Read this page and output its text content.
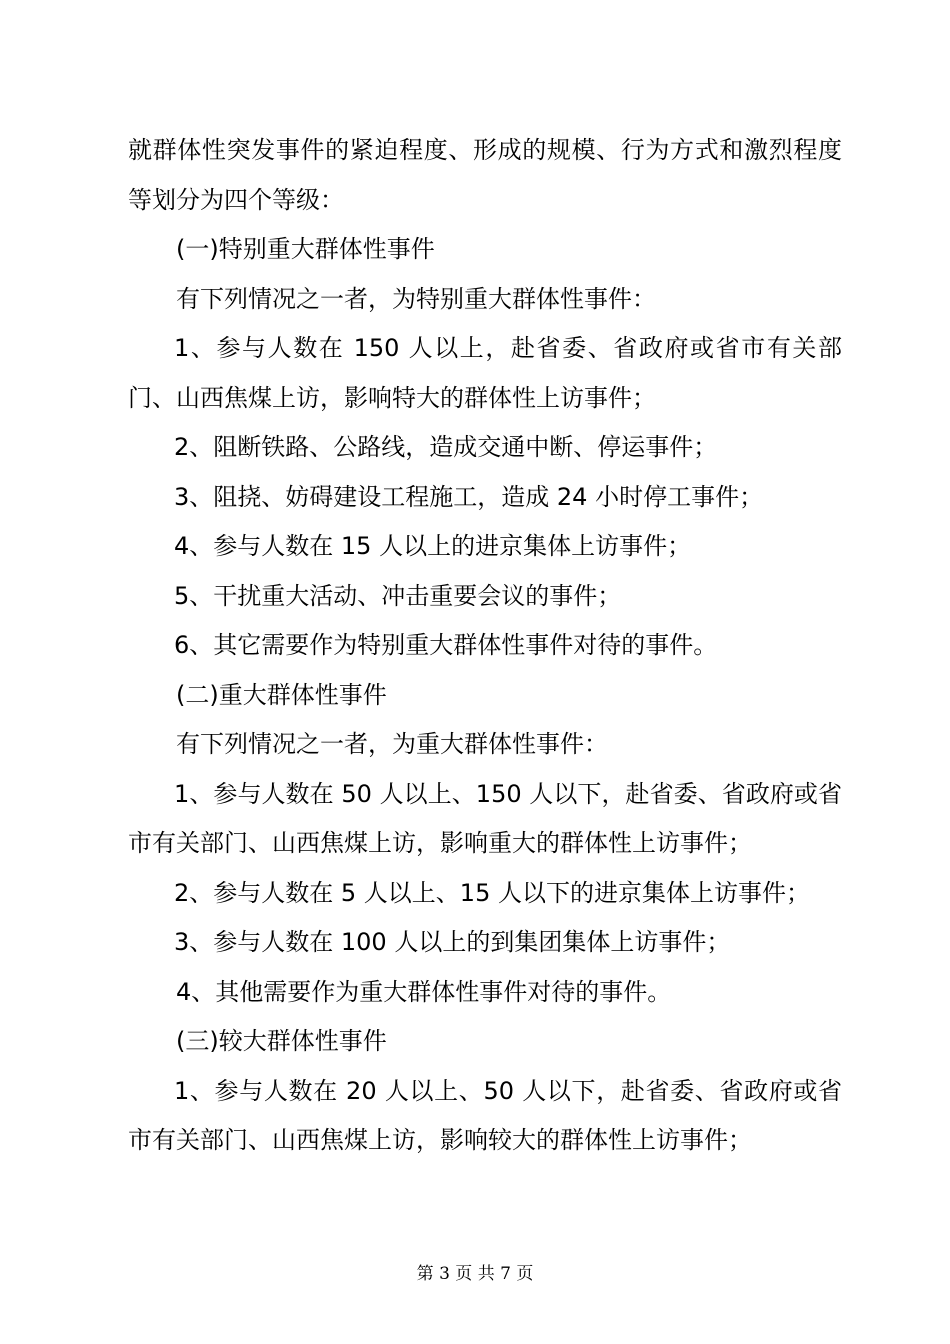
就群体性突发事件的紧迫程度、形成的规模、行为方式和激烈程度等划分为四个等级：

(一)特别重大群体性事件

有下列情况之一者，为特别重大群体性事件：

1、参与人数在 150 人以上，赴省委、省政府或省市有关部门、山西焦煤上访，影响特大的群体性上访事件；

2、阻断铁路、公路线，造成交通中断、停运事件；

3、阻挠、妨碍建设工程施工，造成 24 小时停工事件；

4、参与人数在 15 人以上的进京集体上访事件；

5、干扰重大活动、冲击重要会议的事件；

6、其它需要作为特别重大群体性事件对待的事件。

(二)重大群体性事件

有下列情况之一者，为重大群体性事件：

1、参与人数在 50 人以上、150 人以下，赴省委、省政府或省市有关部门、山西焦煤上访，影响重大的群体性上访事件；

2、参与人数在 5 人以上、15 人以下的进京集体上访事件；

3、参与人数在 100 人以上的到集团集体上访事件；

4、其他需要作为重大群体性事件对待的事件。

(三)较大群体性事件

1、参与人数在 20 人以上、50 人以下，赴省委、省政府或省市有关部门、山西焦煤上访，影响较大的群体性上访事件；

第 3 页 共 7 页
